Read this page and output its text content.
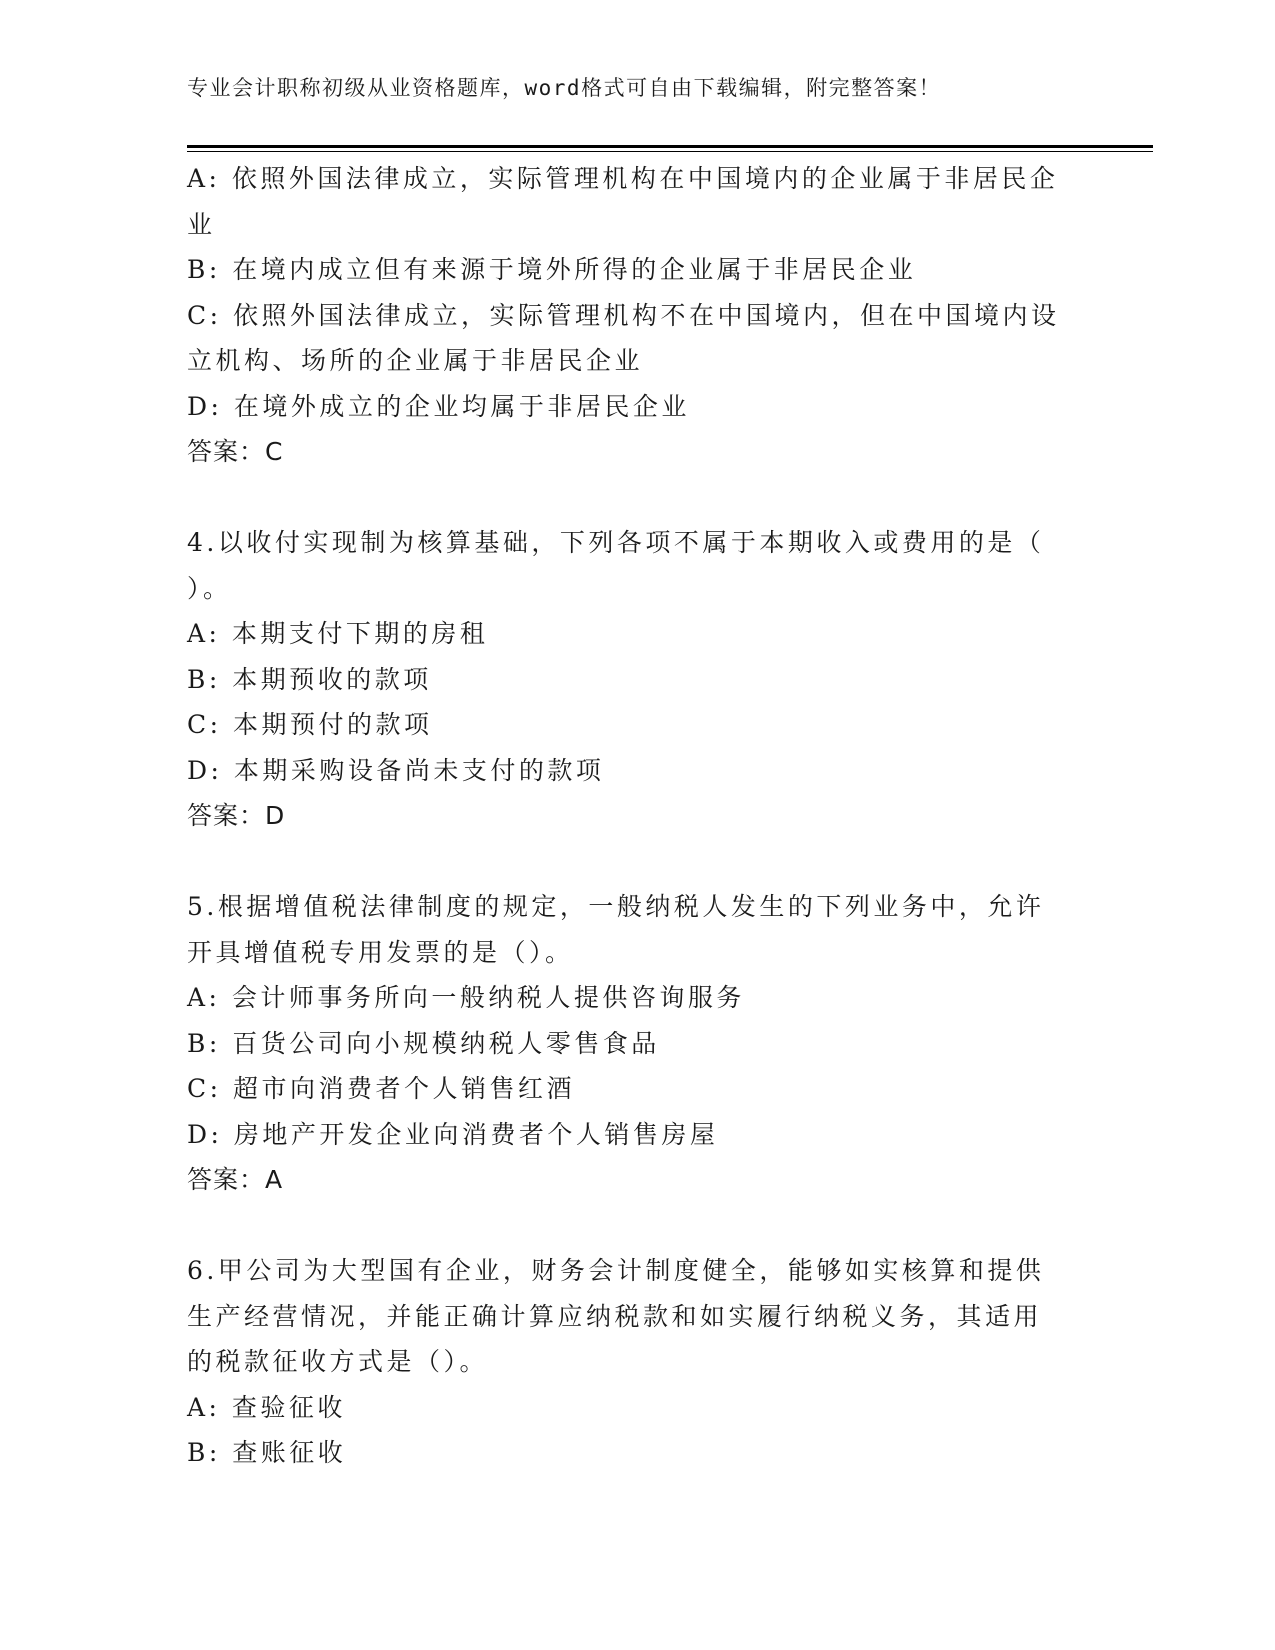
专业会计职称初级从业资格题库，word格式可自由下载编辑，附完整答案！
A: 依照外国法律成立，实际管理机构在中国境内的企业属于非居民企
业
B: 在境内成立但有来源于境外所得的企业属于非居民企业
C: 依照外国法律成立，实际管理机构不在中国境内，但在中国境内设
立机构、场所的企业属于非居民企业
D: 在境外成立的企业均属于非居民企业
答案：C
4.以收付实现制为核算基础，下列各项不属于本期收入或费用的是（
）。
A: 本期支付下期的房租
B: 本期预收的款项
C: 本期预付的款项
D: 本期采购设备尚未支付的款项
答案：D
5.根据增值税法律制度的规定，一般纳税人发生的下列业务中，允许
开具增值税专用发票的是（）。
A: 会计师事务所向一般纳税人提供咨询服务
B: 百货公司向小规模纳税人零售食品
C: 超市向消费者个人销售红酒
D: 房地产开发企业向消费者个人销售房屋
答案：A
6.甲公司为大型国有企业，财务会计制度健全，能够如实核算和提供
生产经营情况，并能正确计算应纳税款和如实履行纳税义务，其适用
的税款征收方式是（）。
A: 查验征收
B: 查账征收
